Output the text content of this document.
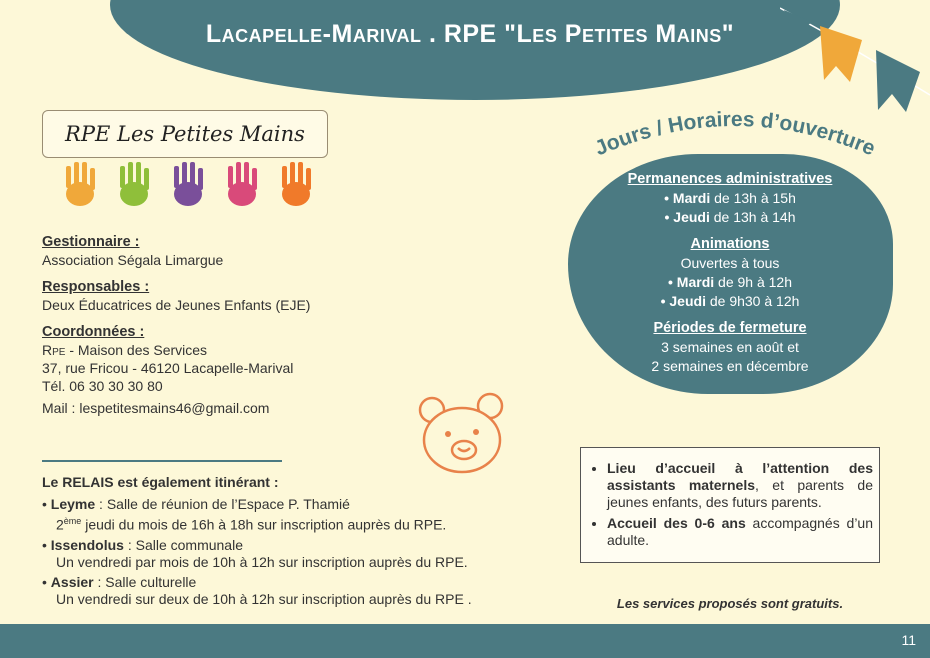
Lacapelle-Marival . RPE "Les Petites Mains"
RPE Les Petites Mains
Gestionnaire :
Association Ségala Limargue
Responsables :
Deux Éducatrices de Jeunes Enfants (EJE)
Coordonnées :
Rpe - Maison des Services
37, rue Fricou - 46120 Lacapelle-Marival
Tél. 06 30 30 30 80
Mail : lespetitesmains46@gmail.com
Le RELAIS est également itinérant :
• Leyme : Salle de réunion de l’Espace P. Thamié
2ème jeudi du mois de 16h à 18h sur inscription auprès du RPE.
• Issendolus : Salle communale
Un vendredi par mois de 10h à 12h sur inscription auprès du RPE.
• Assier : Salle culturelle
Un vendredi sur deux de 10h à 12h sur inscription auprès du RPE .
Jours / Horaires d’ouverture
Permanences administratives
• Mardi de 13h à 15h
• Jeudi de 13h à 14h
Animations
Ouvertes à tous
• Mardi de 9h à 12h
• Jeudi de 9h30 à 12h
Périodes de fermeture
3 semaines en août et
2 semaines en décembre
• Lieu d’accueil à l’attention des assistants maternels, et parents de jeunes enfants, des futurs parents.
• Accueil des 0-6 ans accompagnés d’un adulte.
Les services proposés sont gratuits.
11
